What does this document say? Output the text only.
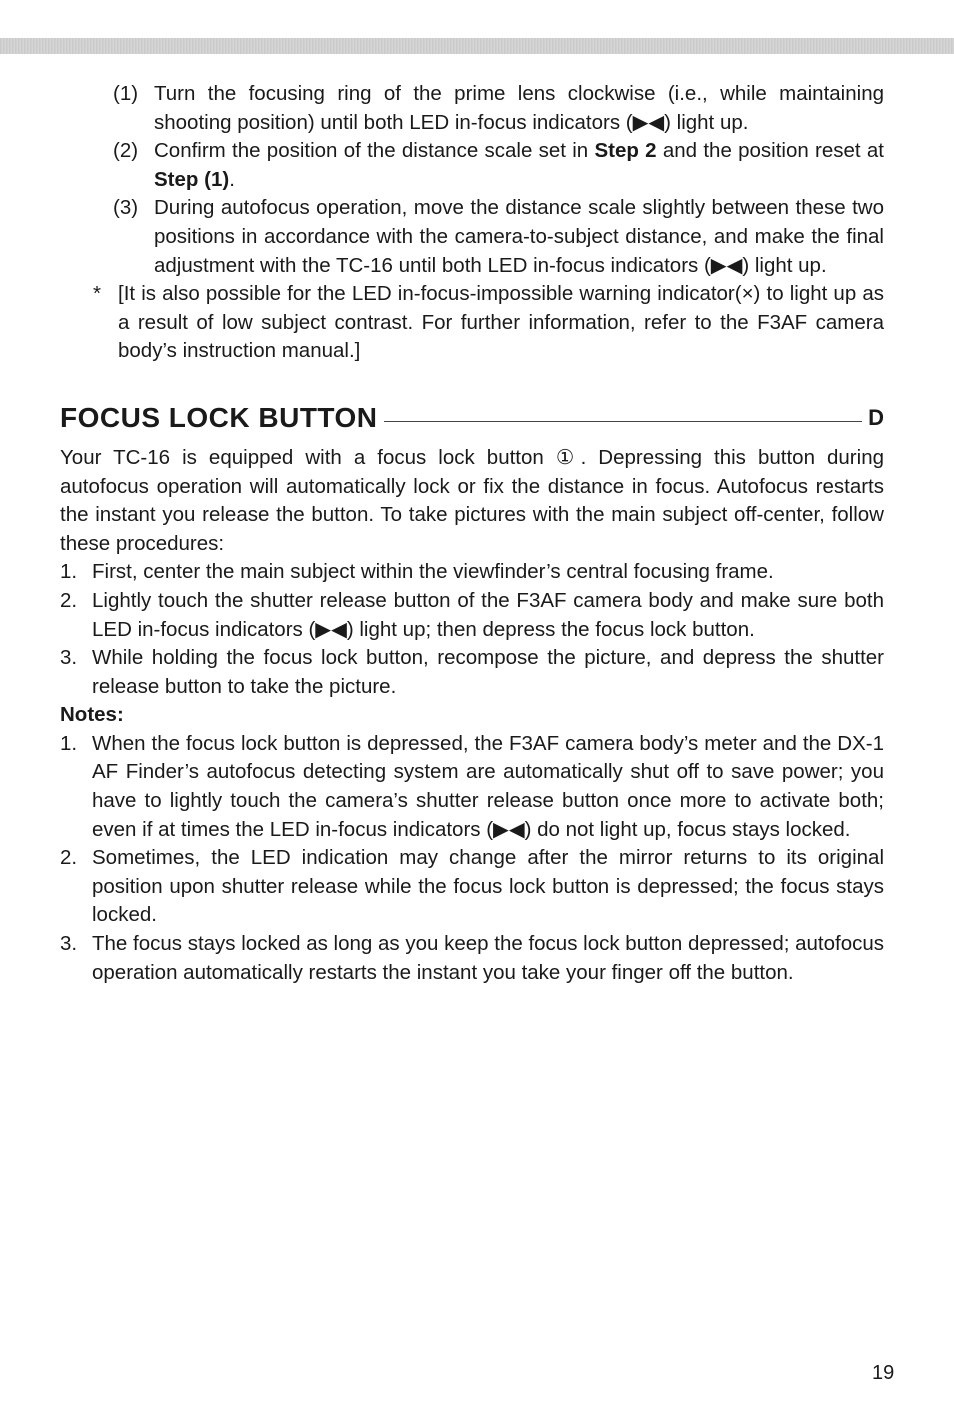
(1) Turn the focusing ring of the prime lens clockwise (i.e., while maintaining shooting position) until both LED in-focus indicators (▶◀) light up.
(2) Confirm the position of the distance scale set in Step 2 and the position reset at Step (1).
(3) During autofocus operation, move the distance scale slightly between these two positions in accordance with the camera-to-subject distance, and make the final adjustment with the TC-16 until both LED in-focus indicators (▶◀) light up.
* [It is also possible for the LED in-focus-impossible warning indicator(×) to light up as a result of low subject contrast. For further information, refer to the F3AF camera body’s instruction manual.]
FOCUS LOCK BUTTON	D
Your TC-16 is equipped with a focus lock button ①. Depressing this button during autofocus operation will automatically lock or fix the distance in focus. Autofocus restarts the instant you release the button. To take pictures with the main subject off-center, follow these procedures:
1. First, center the main subject within the viewfinder’s central focusing frame.
2. Lightly touch the shutter release button of the F3AF camera body and make sure both LED in-focus indicators (▶◀) light up; then depress the focus lock button.
3. While holding the focus lock button, recompose the picture, and depress the shutter release button to take the picture.
Notes:
1. When the focus lock button is depressed, the F3AF camera body’s meter and the DX-1 AF Finder’s autofocus detecting system are automatically shut off to save power; you have to lightly touch the camera’s shutter release button once more to activate both; even if at times the LED in-focus indicators (▶◀) do not light up, focus stays locked.
2. Sometimes, the LED indication may change after the mirror returns to its original position upon shutter release while the focus lock button is depressed; the focus stays locked.
3. The focus stays locked as long as you keep the focus lock button depressed; autofocus operation automatically restarts the instant you take your finger off the button.
19
